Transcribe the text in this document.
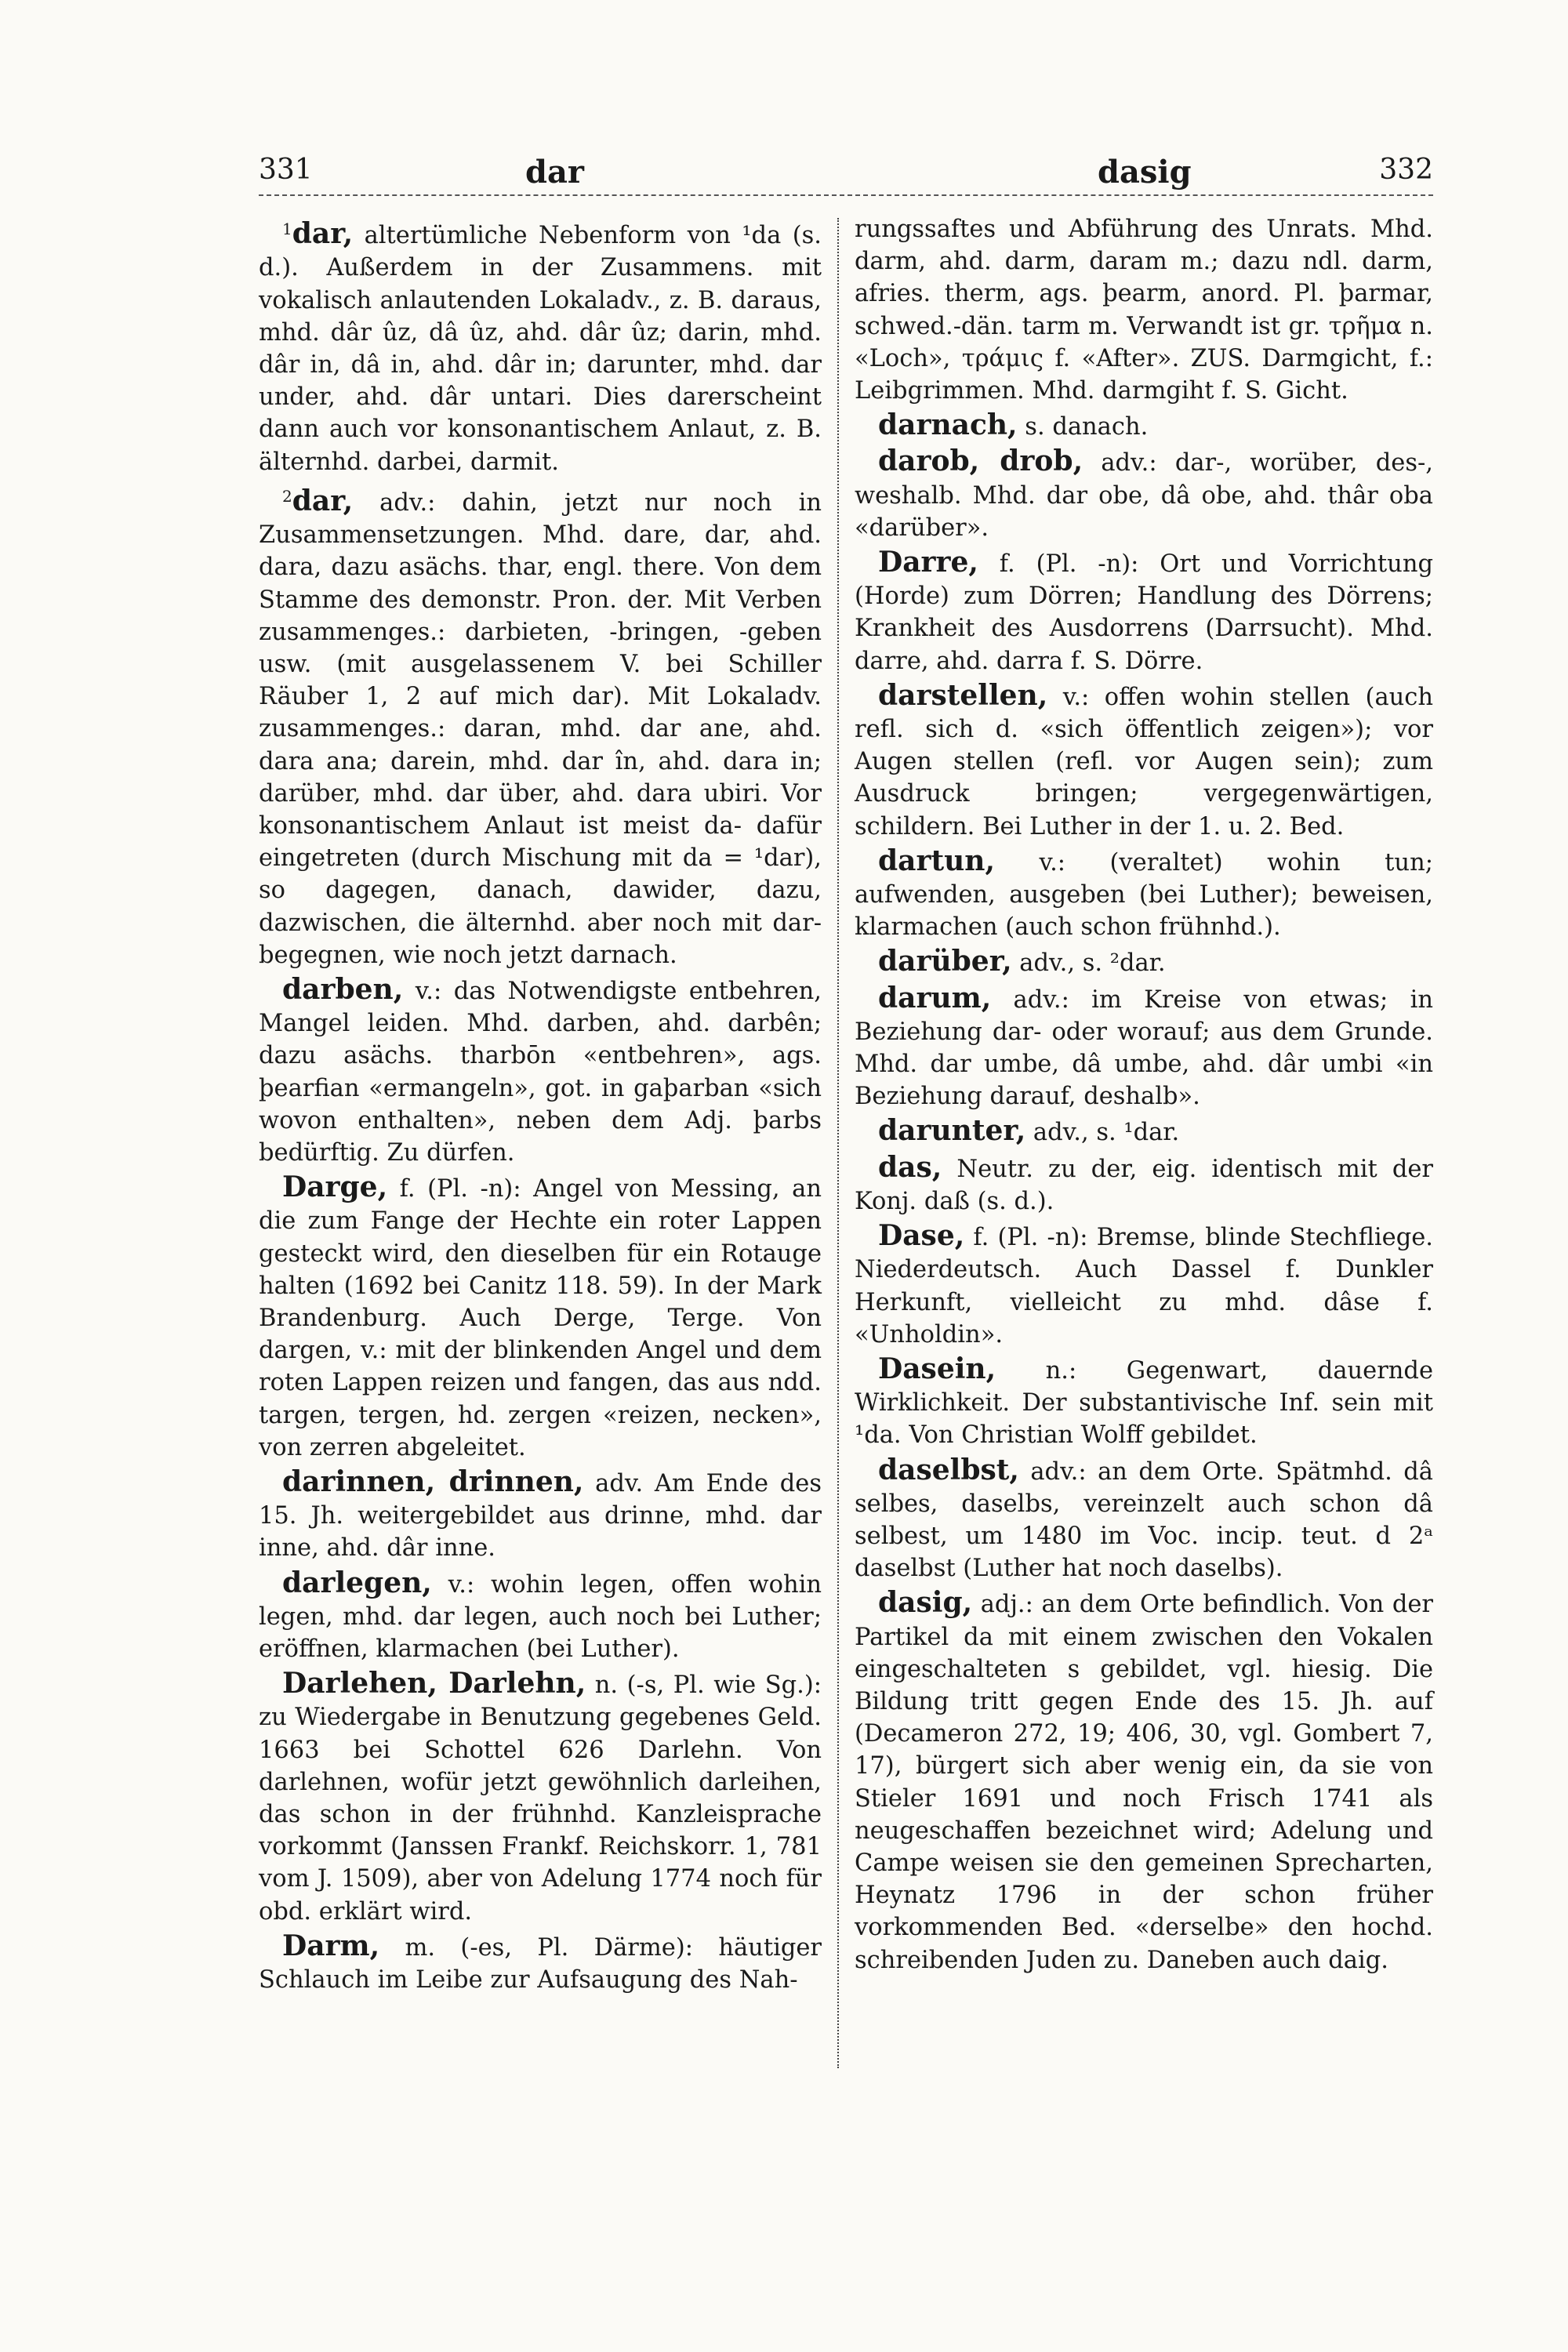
331	dar	dasig	332

$^1$dar, altertümliche Nebenform von ¹da (s. d.). Außerdem in der Zusammens. mit vokalisch anlautenden Lokaladv., z. B. daraus, mhd. dâr ûz, dâ ûz, ahd. dâr ûz; darin, mhd. dâr in, dâ in, ahd. dâr in; darunter, mhd. dar under, ahd. dâr untari. Dies darerscheint dann auch vor konsonantischem Anlaut, z. B. älternhd. darbei, darmit.

$^2$dar, adv.: dahin, jetzt nur noch in Zusammensetzungen. Mhd. dare, dar, ahd. dara, dazu asächs. thar, engl. there. Von dem Stamme des demonstr. Pron. der. Mit Verben zusammenges.: darbieten, -bringen, -geben usw. (mit ausgelassenem V. bei Schiller Räuber 1, 2 auf mich dar). Mit Lokaladv. zusammenges.: daran, mhd. dar ane, ahd. dara ana; darein, mhd. dar în, ahd. dara in; darüber, mhd. dar über, ahd. dara ubiri. Vor konsonantischem Anlaut ist meist da- dafür eingetreten (durch Mischung mit da = ¹dar), so dagegen, danach, dawider, dazu, dazwischen, die älternhd. aber noch mit dar- begegnen, wie noch jetzt darnach.

darben, v.: das Notwendigste entbehren, Mangel leiden. Mhd. darben, ahd. darbên; dazu asächs. tharbōn «entbehren», ags. þearfian «ermangeln», got. in gaþarban «sich wovon enthalten», neben dem Adj. þarbs bedürftig. Zu dürfen.

Darge, f. (Pl. -n): Angel von Messing, an die zum Fange der Hechte ein roter Lappen gesteckt wird, den dieselben für ein Rotauge halten (1692 bei Canitz 118. 59). In der Mark Brandenburg. Auch Derge, Terge. Von dargen, v.: mit der blinkenden Angel und dem roten Lappen reizen und fangen, das aus ndd. targen, tergen, hd. zergen «reizen, necken», von zerren abgeleitet.

darinnen, drinnen, adv. Am Ende des 15. Jh. weitergebildet aus drinne, mhd. dar inne, ahd. dâr inne.

darlegen, v.: wohin legen, offen wohin legen, mhd. dar legen, auch noch bei Luther; eröffnen, klarmachen (bei Luther).

Darlehen, Darlehn, n. (-s, Pl. wie Sg.): zu Wiedergabe in Benutzung gegebenes Geld. 1663 bei Schottel 626 Darlehn. Von darlehnen, wofür jetzt gewöhnlich darleihen, das schon in der frühnhd. Kanzleisprache vorkommt (Janssen Frankf. Reichskorr. 1, 781 vom J. 1509), aber von Adelung 1774 noch für obd. erklärt wird.

Darm, m. (-es, Pl. Därme): häutiger Schlauch im Leibe zur Aufsaugung des Nah-

rungssaftes und Abführung des Unrats. Mhd. darm, ahd. darm, daram m.; dazu ndl. darm, afries. therm, ags. þearm, anord. Pl. þarmar, schwed.-dän. tarm m. Verwandt ist gr. τρῆμα n. «Loch», τράμις f. «After». ZUS. Darmgicht, f.: Leibgrimmen. Mhd. darmgiht f. S. Gicht.

darnach, s. danach.

darob, drob, adv.: dar-, worüber, des-, weshalb. Mhd. dar obe, dâ obe, ahd. thâr oba «darüber».

Darre, f. (Pl. -n): Ort und Vorrichtung (Horde) zum Dörren; Handlung des Dörrens; Krankheit des Ausdorrens (Darrsucht). Mhd. darre, ahd. darra f. S. Dörre.

darstellen, v.: offen wohin stellen (auch refl. sich d. «sich öffentlich zeigen»); vor Augen stellen (refl. vor Augen sein); zum Ausdruck bringen; vergegenwärtigen, schildern. Bei Luther in der 1. u. 2. Bed.

dartun, v.: (veraltet) wohin tun; aufwenden, ausgeben (bei Luther); beweisen, klarmachen (auch schon frühnhd.).

darüber, adv., s. ²dar.

darum, adv.: im Kreise von etwas; in Beziehung dar- oder worauf; aus dem Grunde. Mhd. dar umbe, dâ umbe, ahd. dâr umbi «in Beziehung darauf, deshalb».

darunter, adv., s. ¹dar.

das, Neutr. zu der, eig. identisch mit der Konj. daß (s. d.).

Dase, f. (Pl. -n): Bremse, blinde Stechfliege. Niederdeutsch. Auch Dassel f. Dunkler Herkunft, vielleicht zu mhd. dâse f. «Unholdin».

Dasein, n.: Gegenwart, dauernde Wirklichkeit. Der substantivische Inf. sein mit ¹da. Von Christian Wolff gebildet.

daselbst, adv.: an dem Orte. Spätmhd. dâ selbes, daselbs, vereinzelt auch schon dâ selbest, um 1480 im Voc. incip. teut. d 2ᵃ daselbst (Luther hat noch daselbs).

dasig, adj.: an dem Orte befindlich. Von der Partikel da mit einem zwischen den Vokalen eingeschalteten s gebildet, vgl. hiesig. Die Bildung tritt gegen Ende des 15. Jh. auf (Decameron 272, 19; 406, 30, vgl. Gombert 7, 17), bürgert sich aber wenig ein, da sie von Stieler 1691 und noch Frisch 1741 als neugeschaffen bezeichnet wird; Adelung und Campe weisen sie den gemeinen Sprecharten, Heynatz 1796 in der schon früher vorkommenden Bed. «derselbe» den hochd. schreibenden Juden zu. Daneben auch daig.
